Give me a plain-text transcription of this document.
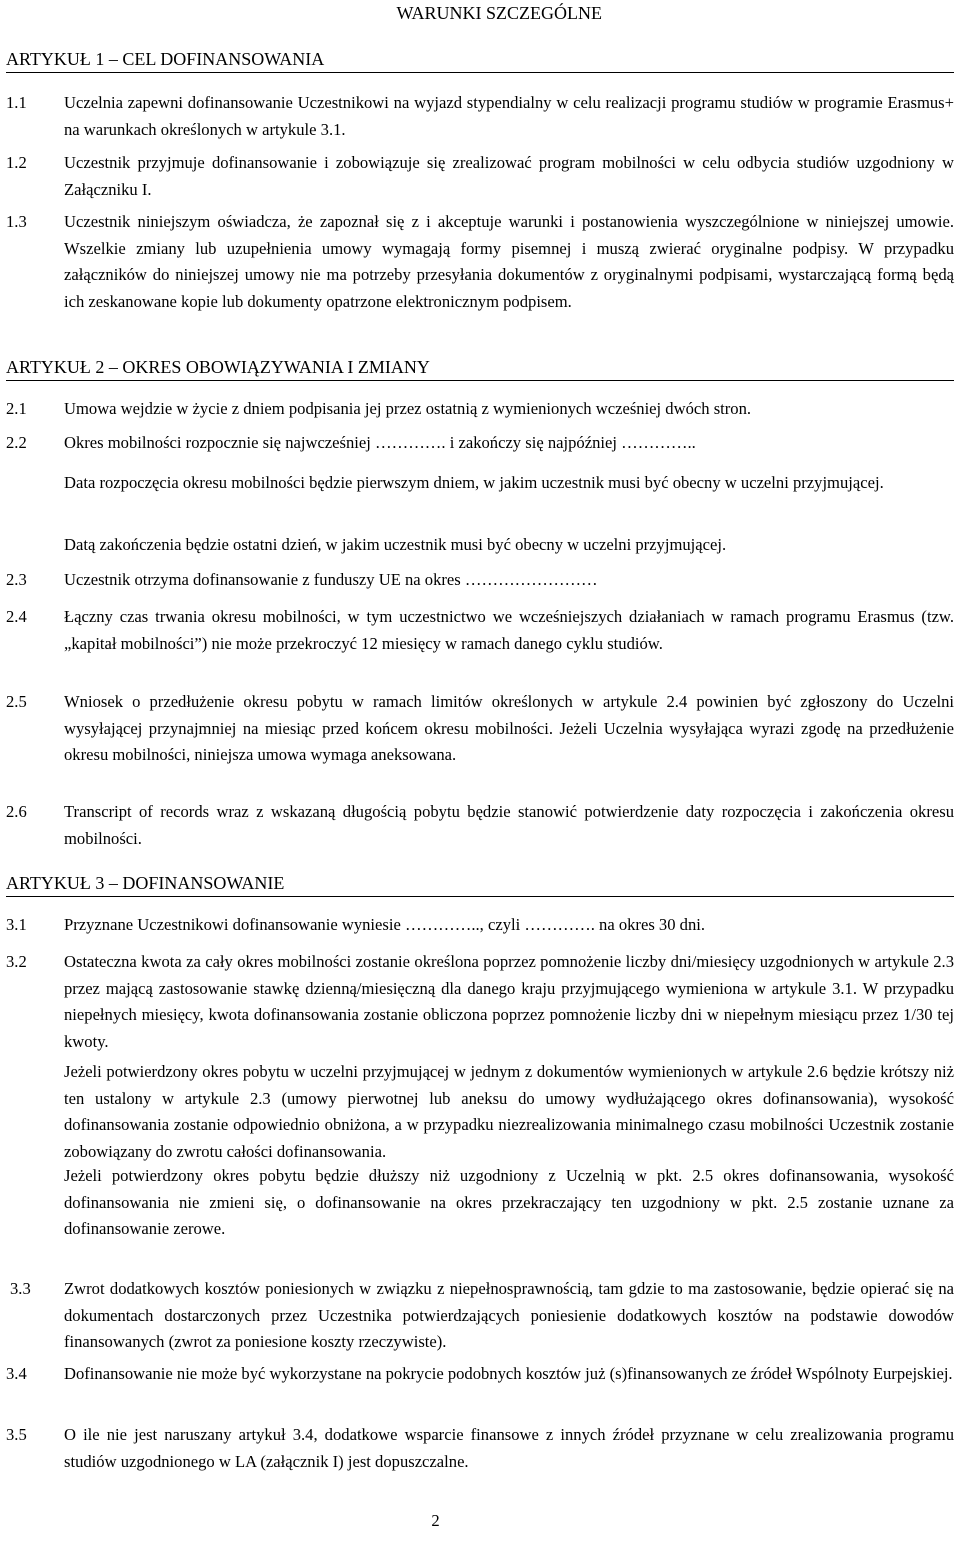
WARUNKI SZCZEGÓLNE
ARTYKUŁ 1 – CEL DOFINANSOWANIA
1.1 Uczelnia zapewni dofinansowanie Uczestnikowi na wyjazd stypendialny w celu realizacji programu studiów w programie Erasmus+ na warunkach określonych w artykule 3.1.
1.2 Uczestnik przyjmuje dofinansowanie i zobowiązuje się zrealizować program mobilności w celu odbycia studiów uzgodniony w Załączniku I.
1.3 Uczestnik niniejszym oświadcza, że zapoznał się z i akceptuje warunki i postanowienia wyszczególnione w niniejszej umowie. Wszelkie zmiany lub uzupełnienia umowy wymagają formy pisemnej i muszą zwierać oryginalne podpisy. W przypadku załączników do niniejszej umowy nie ma potrzeby przesyłania dokumentów z oryginalnymi podpisami, wystarczającą formą będą ich zeskanowane kopie lub dokumenty opatrzone elektronicznym podpisem.
ARTYKUŁ 2 – OKRES OBOWIĄZYWANIA I ZMIANY
2.1 Umowa wejdzie w życie z dniem podpisania jej przez ostatnią z wymienionych wcześniej dwóch stron.
2.2 Okres mobilności rozpocznie się najwcześniej …………. i zakończy się najpóźniej …………..
Data rozpoczęcia okresu mobilności będzie pierwszym dniem, w jakim uczestnik musi być obecny w uczelni przyjmującej.
Datą zakończenia będzie ostatni dzień, w jakim uczestnik musi być obecny w uczelni przyjmującej.
2.3 Uczestnik otrzyma dofinansowanie z funduszy UE na okres ……………………
2.4 Łączny czas trwania okresu mobilności, w tym uczestnictwo we wcześniejszych działaniach w ramach programu Erasmus (tzw. „kapitał mobilności”) nie może przekroczyć 12 miesięcy w ramach danego cyklu studiów.
2.5 Wniosek o przedłużenie okresu pobytu w ramach limitów określonych w artykule 2.4 powinien być zgłoszony do Uczelni wysyłającej przynajmniej na miesiąc przed końcem okresu mobilności. Jeżeli Uczelnia wysyłająca wyrazi zgodę na przedłużenie okresu mobilności, niniejsza umowa wymaga aneksowana.
2.6 Transcript of records wraz z wskazaną długością pobytu będzie stanowić potwierdzenie daty rozpoczęcia i zakończenia okresu mobilności.
ARTYKUŁ 3 – DOFINANSOWANIE
3.1 Przyznane Uczestnikowi dofinansowanie wyniesie ………….., czyli …………. na okres 30 dni.
3.2 Ostateczna kwota za cały okres mobilności zostanie określona poprzez pomnożenie liczby dni/miesięcy uzgodnionych w artykule 2.3 przez mającą zastosowanie stawkę dzienną/miesięczną dla danego kraju przyjmującego wymieniona w artykule 3.1. W przypadku niepełnych miesięcy, kwota dofinansowania zostanie obliczona poprzez pomnożenie liczby dni w niepełnym miesiącu przez 1/30 tej kwoty.
Jeżeli potwierdzony okres pobytu w uczelni przyjmującej w jednym z dokumentów wymienionych w artykule 2.6 będzie krótszy niż ten ustalony w artykule 2.3 (umowy pierwotnej lub aneksu do umowy wydłużającego okres dofinansowania), wysokość dofinansowania zostanie odpowiednio obniżona, a w przypadku niezrealizowania minimalnego czasu mobilności Uczestnik zostanie zobowiązany do zwrotu całości dofinansowania.
Jeżeli potwierdzony okres pobytu będzie dłuższy niż uzgodniony z Uczelnią w pkt. 2.5 okres dofinansowania, wysokość dofinansowania nie zmieni się, o dofinansowanie na okres przekraczający ten uzgodniony w pkt. 2.5 zostanie uznane za dofinansowanie zerowe.
3.3 Zwrot dodatkowych kosztów poniesionych w związku z niepełnosprawnością, tam gdzie to ma zastosowanie, będzie opierać się na dokumentach dostarczonych przez Uczestnika potwierdzających poniesienie dodatkowych kosztów na podstawie dowodów finansowanych (zwrot za poniesione koszty rzeczywiste).
3.4 Dofinansowanie nie może być wykorzystane na pokrycie podobnych kosztów już (s)finansowanych ze źródeł Wspólnoty Eurpejskiej.
3.5 O ile nie jest naruszany artykuł 3.4, dodatkowe wsparcie finansowe z innych źródeł przyznane w celu zrealizowania programu studiów uzgodnionego w LA (załącznik I) jest dopuszczalne.
2
